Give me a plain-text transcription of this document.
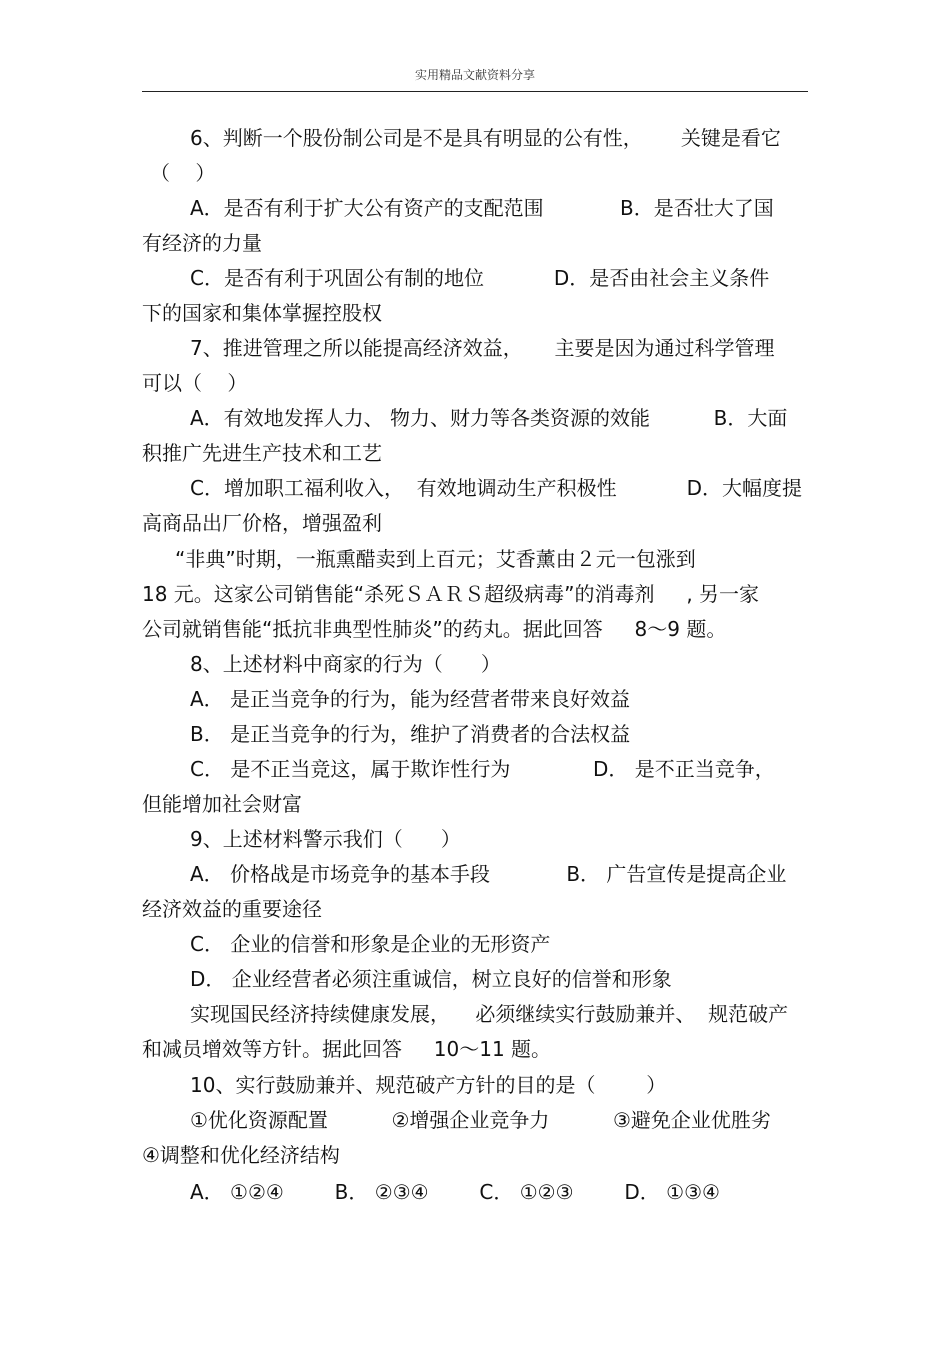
实用精品文献资料分享
6、判断一个股份制公司是不是具有明显的公有性，      关键是看它
（    ）
A．是否有利于扩大公有资产的支配范围            B．是否壮大了国
有经济的力量
C．是否有利于巩固公有制的地位           D．是否由社会主义条件
下的国家和集体掌握控股权
7、推进管理之所以能提高经济效益，     主要是因为通过科学管理
可以（    ）
A．有效地发挥人力、 物力、财力等各类资源的效能          B．大面
积推广先进生产技术和工艺
C．增加职工福利收入，  有效地调动生产积极性           D．大幅度提
高商品出厂价格，增强盈利
“非典”时期，一瓶熏醋卖到上百元；艾香薰由２元一包涨到
18 元。这家公司销售能“杀死ＳＡＲＳ超级病毒”的消毒剂     , 另一家
公司就销售能“抵抗非典型性肺炎”的药丸。据此回答     8～9 题。
8、上述材料中商家的行为（      ）
A． 是正当竞争的行为，能为经营者带来良好效益
B． 是正当竞争的行为，维护了消费者的合法权益
C． 是不正当竞这，属于欺诈性行为             D． 是不正当竞争，
但能增加社会财富
9、上述材料警示我们（      ）
A． 价格战是市场竞争的基本手段            B． 广告宣传是提高企业
经济效益的重要途径
C． 企业的信誉和形象是企业的无形资产
D． 企业经营者必须注重诚信，树立良好的信誉和形象
实现国民经济持续健康发展，    必须继续实行鼓励兼并、  规范破产
和减员增效等方针。据此回答     10～11 题。
10、实行鼓励兼并、规范破产方针的目的是（        ）
①优化资源配置          ②增强企业竞争力          ③避免企业优胜劣
④调整和优化经济结构
A． ①②④        B． ②③④        C． ①②③        D． ①③④
